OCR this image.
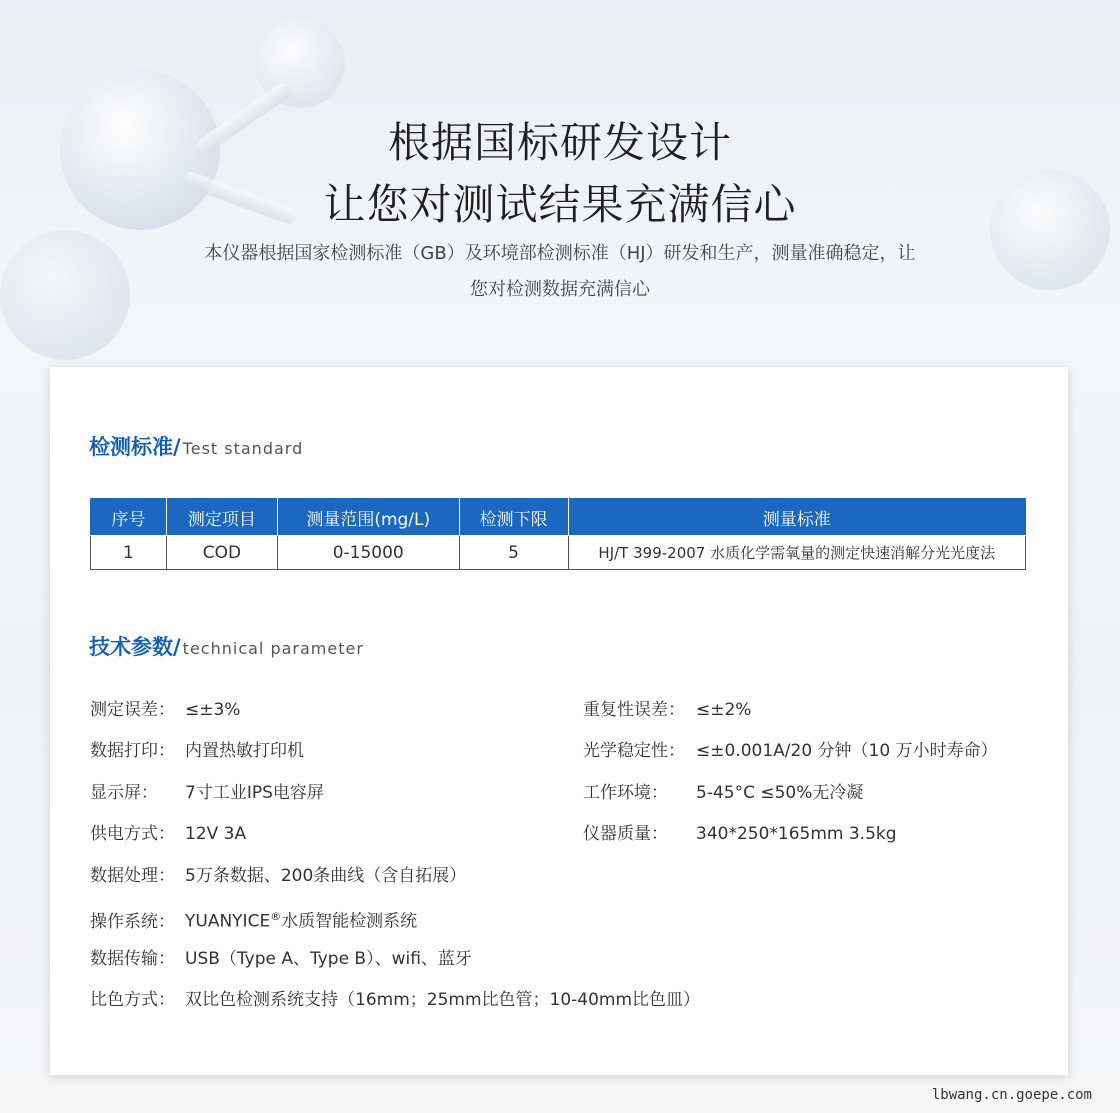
根据国标研发设计
让您对测试结果充满信心

本仪器根据国家检测标准（GB）及环境部检测标准（HJ）研发和生产，测量准确稳定，让您对检测数据充满信心

检测标准/ Test standard
序号	测定项目	测量范围(mg/L)	检测下限	测量标准
1	COD	0-15000	5	HJ/T 399-2007 水质化学需氧量的测定快速消解分光光度法
技术参数/ technical parameter
测定误差： ≤±3%
数据打印： 内置热敏打印机
显示屏： 7寸工业IPS电容屏
供电方式： 12V 3A
数据处理： 5万条数据、200条曲线（含自拓展）
操作系统： YUANYICE®水质智能检测系统
数据传输： USB（Type A、Type B）、wifi、蓝牙
比色方式： 双比色检测系统支持（16mm；25mm比色管；10-40mm比色皿）
重复性误差： ≤±2%
光学稳定性： ≤±0.001A/20 分钟（10 万小时寿命）
工作环境： 5-45°C ≤50%无冷凝
仪器质量： 340*250*165mm 3.5kg
lbwang.cn.goepe.com
